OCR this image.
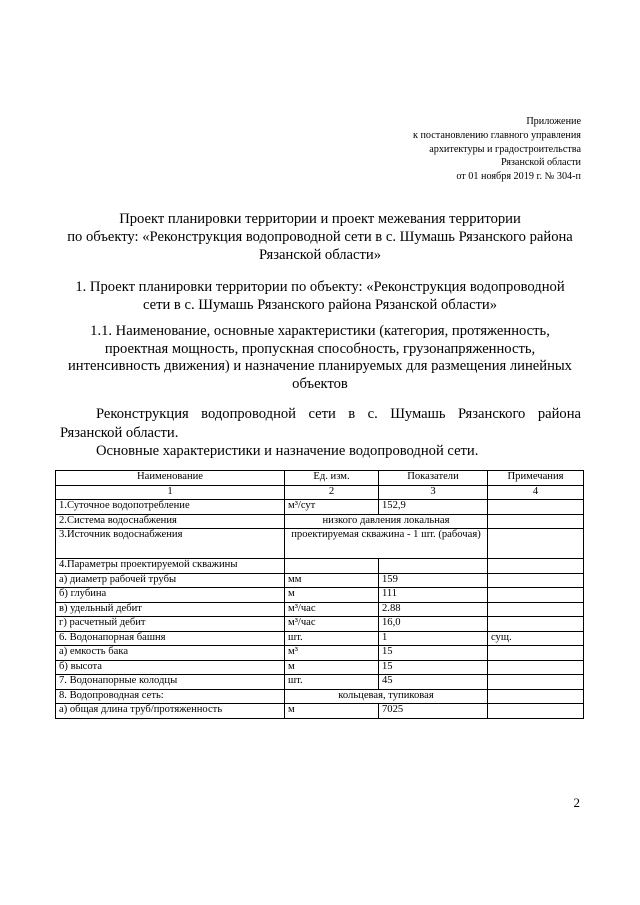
Приложение
к постановлению главного управления
архитектуры и градостроительства
Рязанской области
от 01 ноября 2019 г. № 304-п
Проект планировки территории и проект межевания территории
по объекту: «Реконструкция водопроводной сети в с. Шумашь Рязанского района
Рязанской области»
1. Проект планировки территории по объекту: «Реконструкция водопроводной
сети в с. Шумашь Рязанского района Рязанской области»
1.1. Наименование, основные характеристики (категория, протяженность,
проектная мощность, пропускная способность, грузонапряженность,
интенсивность движения) и назначение планируемых для размещения линейных
объектов

Реконструкция водопроводной сети в с. Шумашь Рязанского района Рязанской области.

Основные характеристики и назначение водопроводной сети.

Наименование	Ед. изм.	Показатели	Примечания
1	2	3	4
1.Суточное водопотребление	м³/сут	152,9	
2.Система водоснабжения	низкого давления локальная		
3.Источник водоснабжения	проектируемая скважина - 1 шт. (рабочая)		
4.Параметры проектируемой скважины			
а) диаметр рабочей трубы	мм	159	
б) глубина	м	111	
в) удельный дебит	м³/час	2.88	
г) расчетный дебит	м³/час	16,0	
6. Водонапорная башня	шт.	1	сущ.
а) емкость бака	м³	15	
б) высота	м	15	
7. Водонапорные колодцы	шт.	45	
8. Водопроводная сеть:	кольцевая, тупиковая		
а) общая длина труб/протяженность	м	7025	
2
